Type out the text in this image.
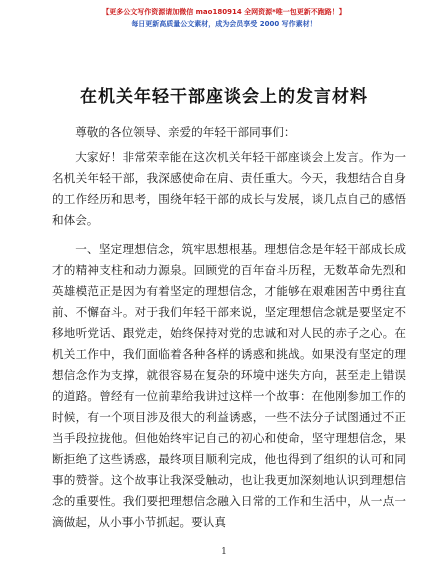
【更多公文写作资源请加微信 mao180914 全网资源*唯一包更新不跑路！】
每日更新高质量公文素材，成为会员享受 2000 写作素材！
在机关年轻干部座谈会上的发言材料

尊敬的各位领导、亲爱的年轻干部同事们：

大家好！非常荣幸能在这次机关年轻干部座谈会上发言。作为一名机关年轻干部，我深感使命在肩、责任重大。今天，我想结合自身的工作经历和思考，围绕年轻干部的成长与发展，谈几点自己的感悟和体会。

一、坚定理想信念，筑牢思想根基。理想信念是年轻干部成长成才的精神支柱和动力源泉。回顾党的百年奋斗历程，无数革命先烈和英雄模范正是因为有着坚定的理想信念，才能够在艰难困苦中勇往直前、不懈奋斗。对于我们年轻干部来说，坚定理想信念就是要坚定不移地听党话、跟党走，始终保持对党的忠诚和对人民的赤子之心。在机关工作中，我们面临着各种各样的诱惑和挑战。如果没有坚定的理想信念作为支撑，就很容易在复杂的环境中迷失方向，甚至走上错误的道路。曾经有一位前辈给我讲过这样一个故事：在他刚参加工作的时候，有一个项目涉及很大的利益诱惑，一些不法分子试图通过不正当手段拉拢他。但他始终牢记自己的初心和使命，坚守理想信念，果断拒绝了这些诱惑，最终项目顺利完成，他也得到了组织的认可和同事的赞誉。这个故事让我深受触动，也让我更加深刻地认识到理想信念的重要性。我们要把理想信念融入日常的工作和生活中，从一点一滴做起，从小事小节抓起。要认真

1
